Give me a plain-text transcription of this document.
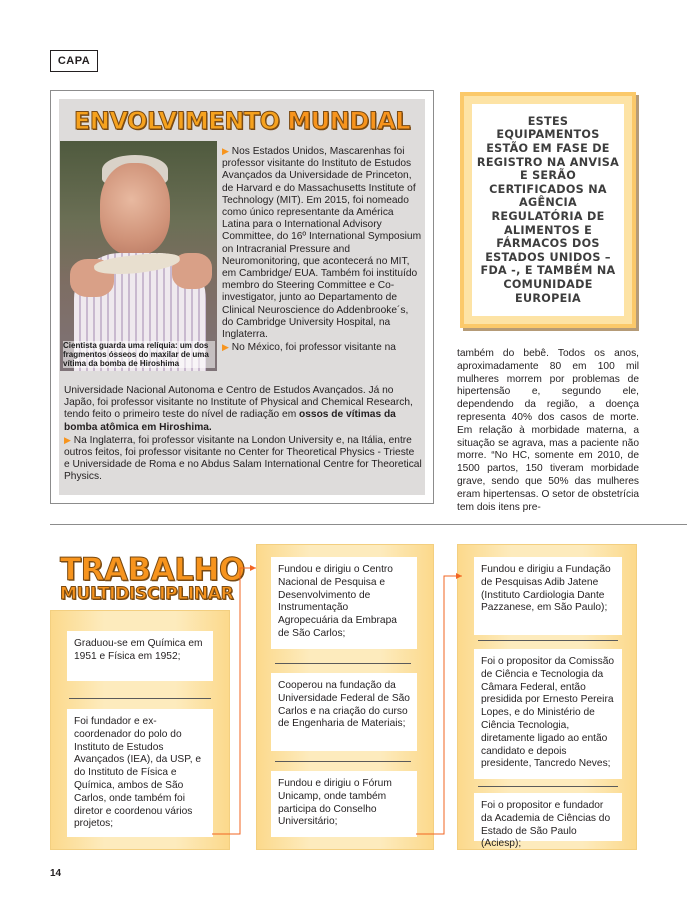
CAPA
ENVOLVIMENTO MUNDIAL
Cientista guarda uma relíquia: um dos fragmentos ósseos do maxilar de uma vítima da bomba de Hiroshima
▶ Nos Estados Unidos, Mascarenhas foi professor visitante do Instituto de Estudos Avançados da Universidade de Princeton, de Harvard e do Massachusetts Institute of Technology (MIT). Em 2015, foi nomeado como único representante da América Latina para o International Advisory Committee, do 16º International Symposium on Intracranial Pressure and Neuromonitoring, que acontecerá no MIT, em Cambridge/ EUA. Também foi instituído membro do Steering Committee e Co-investigator, junto ao Departamento de Clinical Neuroscience do Addenbrooke´s, do Cambridge University Hospital, na Inglaterra.
▶ No México, foi professor visitante na
Universidade Nacional Autonoma e Centro de Estudos Avançados. Já no Japão, foi professor visitante no Institute of Physical and Chemical Research, tendo feito o primeiro teste do nível de radiação em ossos de vítimas da bomba atômica em Hiroshima.
▶ Na Inglaterra, foi professor visitante na London University e, na Itália, entre outros feitos, foi professor visitante no Center for Theoretical Physics - Trieste e Universidade de Roma e no Abdus Salam International Centre for Theoretical Physics.
ESTES EQUIPAMENTOS ESTÃO EM FASE DE REGISTRO NA ANVISA E SERÃO CERTIFICADOS NA AGÊNCIA REGULATÓRIA DE ALIMENTOS E FÁRMACOS DOS ESTADOS UNIDOS – FDA -, E TAMBÉM NA COMUNIDADE EUROPEIA
também do bebê. Todos os anos, aproximadamente 80 em 100 mil mulheres morrem por problemas de hipertensão e, segundo ele, dependendo da região, a doença representa 40% dos casos de morte. Em relação à morbidade materna, a situação se agrava, mas a paciente não morre. “No HC, somente em 2010, de 1500 partos, 150 tiveram morbidade grave, sendo que 50% das mulheres eram hipertensas. O setor de obstetrícia tem dois itens pre-
TRABALHO
MULTIDISCIPLINAR
Graduou-se em Química em 1951 e Física em 1952;
Foi fundador e ex-coordenador do polo do Instituto de Estudos Avançados (IEA), da USP, e do Instituto de Física e Química, ambos de São Carlos, onde também foi diretor e coordenou vários projetos;
Fundou e dirigiu o Centro Nacional de Pesquisa e Desenvolvimento de Instrumentação Agropecuária da Embrapa de São Carlos;
Cooperou na fundação da Universidade Federal de São Carlos e na criação do curso de Engenharia de Materiais;
Fundou e dirigiu o Fórum Unicamp, onde também participa do Conselho Universitário;
Fundou e dirigiu a Fundação de Pesquisas Adib Jatene (Instituto Cardiologia Dante Pazzanese, em São Paulo);
Foi o propositor da Comissão de Ciência e Tecnologia da Câmara Federal, então presidida por Ernesto Pereira Lopes, e do Ministério de Ciência Tecnologia, diretamente ligado ao então candidato e depois presidente, Tancredo Neves;
Foi o propositor e fundador da Academia de Ciências do Estado de São Paulo (Aciesp);
14
